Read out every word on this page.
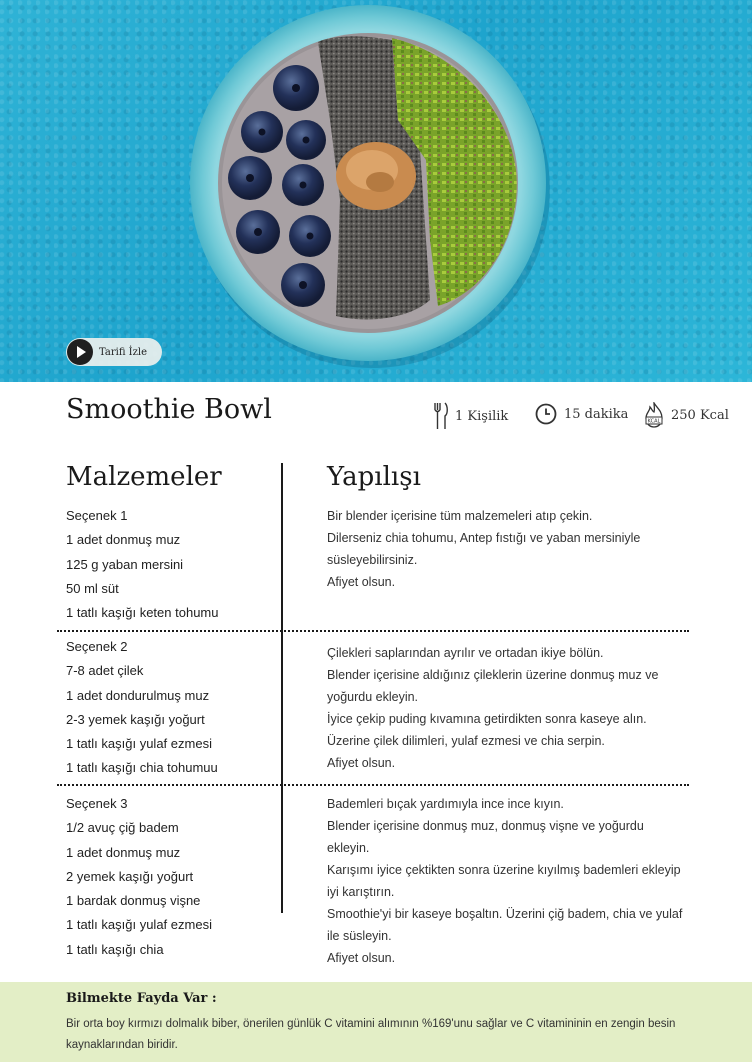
Tarifi İzle
Smoothie Bowl	1 Kişilik	15 dakika	KCAL 250 Kcal
Malzemeler	Yapılışı
Seçenek 1
1 adet donmuş muz
125 g yaban mersini
50 ml süt
1 tatlı kaşığı keten tohumu
Bir blender içerisine tüm malzemeleri atıp çekin.
Dilerseniz chia tohumu, Antep fıstığı ve yaban mersiniyle
süsleyebilirsiniz.
Afiyet olsun.
Seçenek 2
7-8 adet çilek
1 adet dondurulmuş muz
2-3 yemek kaşığı yoğurt
1 tatlı kaşığı yulaf ezmesi
1 tatlı kaşığı chia tohumuu
Çilekleri saplarından ayrılır ve ortadan ikiye bölün.
Blender içerisine aldığınız çileklerin üzerine donmuş muz ve
yoğurdu ekleyin.
İyice çekip puding kıvamına getirdikten sonra kaseye alın.
Üzerine çilek dilimleri, yulaf ezmesi ve chia serpin.
Afiyet olsun.
Seçenek 3
1/2 avuç çiğ badem
1 adet donmuş muz
2 yemek kaşığı yoğurt
1 bardak donmuş vişne
1 tatlı kaşığı yulaf ezmesi
1 tatlı kaşığı chia
Bademleri bıçak yardımıyla ince ince kıyın.
Blender içerisine donmuş muz, donmuş vişne ve yoğurdu
ekleyin.
Karışımı iyice çektikten sonra üzerine kıyılmış bademleri ekleyip
iyi karıştırın.
Smoothie'yi bir kaseye boşaltın. Üzerini çiğ badem, chia ve yulaf
ile süsleyin.
Afiyet olsun.
Bilmekte Fayda Var :
Bir orta boy kırmızı dolmalık biber, önerilen günlük C vitamini alımının %169'unu sağlar ve C vitamininin en zengin besin kaynaklarından biridir.
